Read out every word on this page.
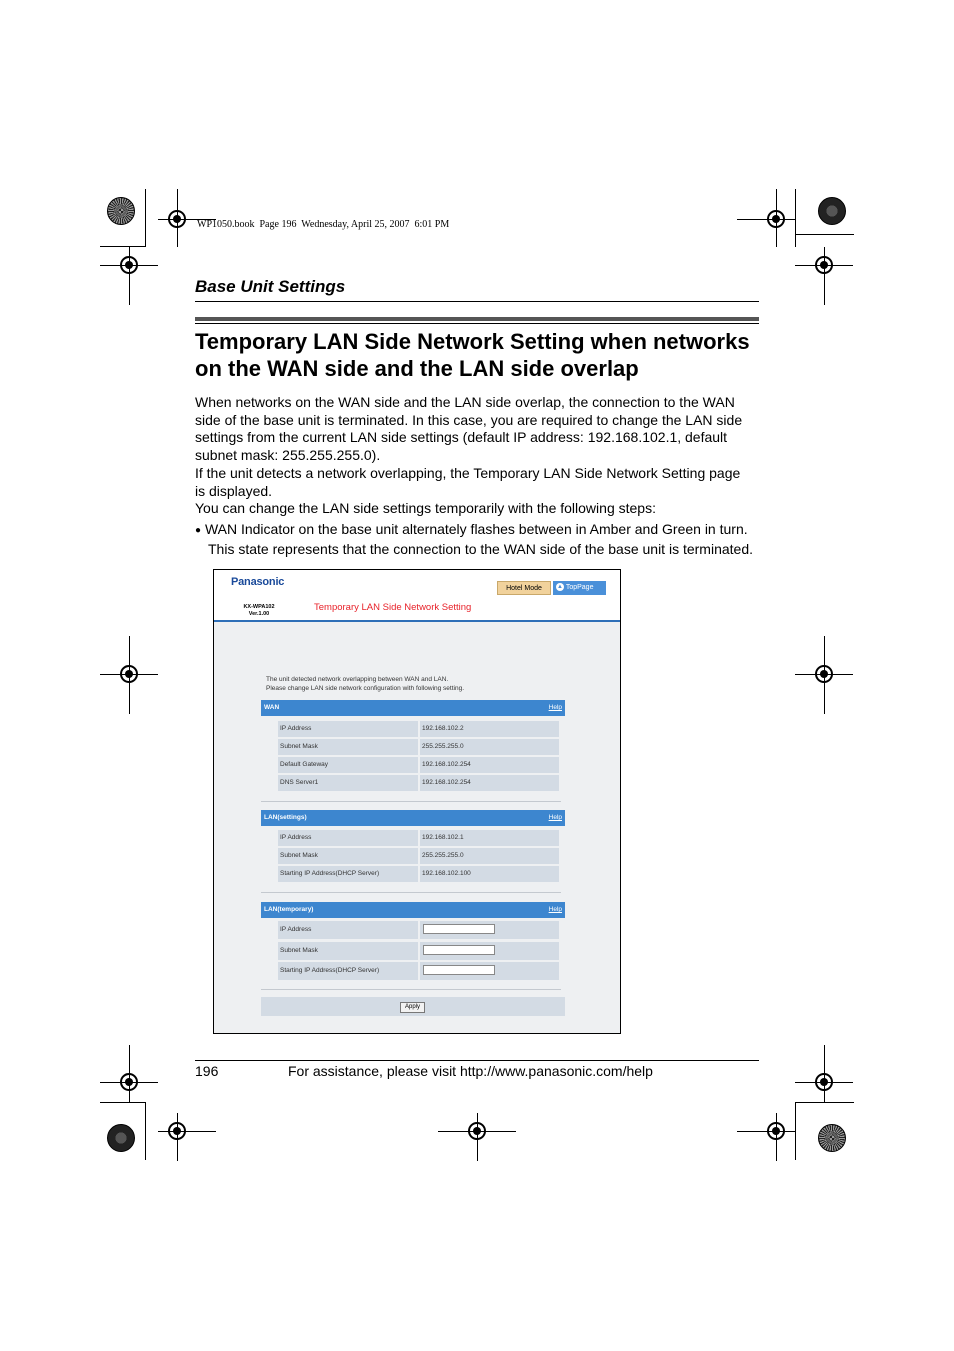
WP1050.book  Page 196  Wednesday, April 25, 2007  6:01 PM
Base Unit Settings
Temporary LAN Side Network Setting when networks
on the WAN side and the LAN side overlap
When networks on the WAN side and the LAN side overlap, the connection to the WAN
side of the base unit is terminated. In this case, you are required to change the LAN side
settings from the current LAN side settings (default IP address: 192.168.102.1, default
subnet mask: 255.255.255.0).
If the unit detects a network overlapping, the Temporary LAN Side Network Setting page
is displayed.
You can change the LAN side settings temporarily with the following steps:
● WAN Indicator on the base unit alternately flashes between in Amber and Green in turn.
This state represents that the connection to the WAN side of the base unit is terminated.
Panasonic
KX-WPA102
Ver.1.00
Temporary LAN Side Network Setting
Hotel Mode	▲ TopPage
The unit detected network overlapping between WAN and LAN.
Please change LAN side network configuration with following setting.
WAN	Help
IP Address	192.168.102.2
Subnet Mask	255.255.255.0
Default Gateway	192.168.102.254
DNS Server1	192.168.102.254
LAN(settings)	Help
IP Address	192.168.102.1
Subnet Mask	255.255.255.0
Starting IP Address(DHCP Server)	192.168.102.100
LAN(temporary)	Help
IP Address
Subnet Mask
Starting IP Address(DHCP Server)
Apply
196	For assistance, please visit http://www.panasonic.com/help
